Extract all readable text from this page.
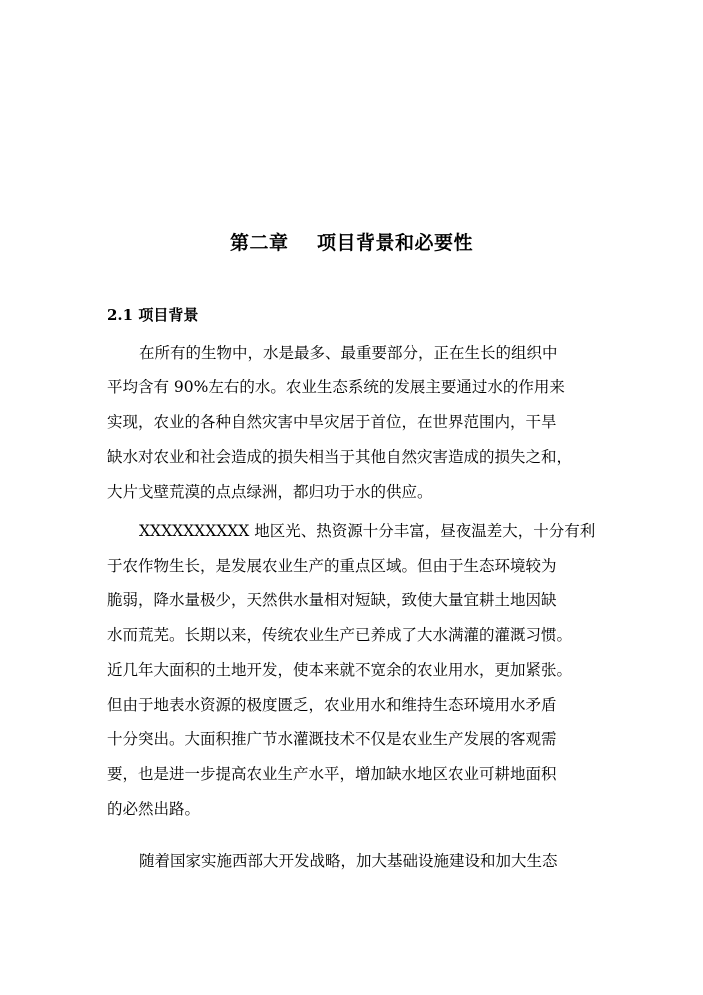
第二章    项目背景和必要性
2.1 项目背景
在所有的生物中，水是最多、最重要部分，正在生长的组织中
平均含有 90%左右的水。农业生态系统的发展主要通过水的作用来
实现，农业的各种自然灾害中旱灾居于首位，在世界范围内，干旱
缺水对农业和社会造成的损失相当于其他自然灾害造成的损失之和，
大片戈壁荒漠的点点绿洲，都归功于水的供应。
XXXXXXXXXX 地区光、热资源十分丰富，昼夜温差大，十分有利
于农作物生长，是发展农业生产的重点区域。但由于生态环境较为
脆弱，降水量极少，天然供水量相对短缺，致使大量宜耕土地因缺
水而荒芜。长期以来，传统农业生产已养成了大水满灌的灌溉习惯。
近几年大面积的土地开发，使本来就不宽余的农业用水，更加紧张。
但由于地表水资源的极度匮乏，农业用水和维持生态环境用水矛盾
十分突出。大面积推广节水灌溉技术不仅是农业生产发展的客观需
要，也是进一步提高农业生产水平，增加缺水地区农业可耕地面积
的必然出路。
随着国家实施西部大开发战略，加大基础设施建设和加大生态
